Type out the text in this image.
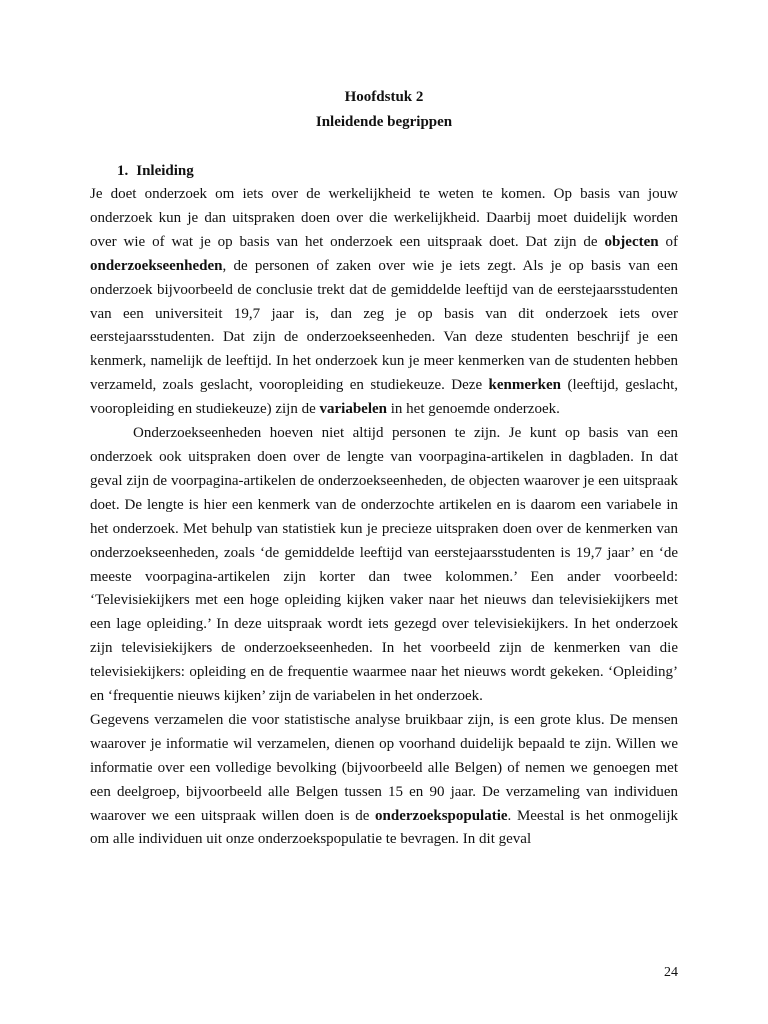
Hoofdstuk 2
Inleidende begrippen
1. Inleiding

Je doet onderzoek om iets over de werkelijkheid te weten te komen. Op basis van jouw onderzoek kun je dan uitspraken doen over die werkelijkheid. Daarbij moet duidelijk worden over wie of wat je op basis van het onderzoek een uitspraak doet. Dat zijn de objecten of onderzoekseenheden, de personen of zaken over wie je iets zegt. Als je op basis van een onderzoek bijvoorbeeld de conclusie trekt dat de gemiddelde leeftijd van de eerstejaarsstudenten van een universiteit 19,7 jaar is, dan zeg je op basis van dit onderzoek iets over eerstejaarsstudenten. Dat zijn de onderzoekseenheden. Van deze studenten beschrijf je een kenmerk, namelijk de leeftijd. In het onderzoek kun je meer kenmerken van de studenten hebben verzameld, zoals geslacht, vooropleiding en studiekeuze. Deze kenmerken (leeftijd, geslacht, vooropleiding en studiekeuze) zijn de variabelen in het genoemde onderzoek.

Onderzoekseenheden hoeven niet altijd personen te zijn. Je kunt op basis van een onderzoek ook uitspraken doen over de lengte van voorpagina-artikelen in dagbladen. In dat geval zijn de voorpagina-artikelen de onderzoekseenheden, de objecten waarover je een uitspraak doet. De lengte is hier een kenmerk van de onderzochte artikelen en is daarom een variabele in het onderzoek. Met behulp van statistiek kun je precieze uitspraken doen over de kenmerken van onderzoekseenheden, zoals ‘de gemiddelde leeftijd van eerstejaarsstudenten is 19,7 jaar’ en ‘de meeste voorpagina-artikelen zijn korter dan twee kolommen.’ Een ander voorbeeld: ‘Televisiekijkers met een hoge opleiding kijken vaker naar het nieuws dan televisiekijkers met een lage opleiding.’ In deze uitspraak wordt iets gezegd over televisiekijkers. In het onderzoek zijn televisiekijkers de onderzoekseenheden. In het voorbeeld zijn de kenmerken van die televisiekijkers: opleiding en de frequentie waarmee naar het nieuws wordt gekeken. ‘Opleiding’ en ‘frequentie nieuws kijken’ zijn de variabelen in het onderzoek.

Gegevens verzamelen die voor statistische analyse bruikbaar zijn, is een grote klus. De mensen waarover je informatie wil verzamelen, dienen op voorhand duidelijk bepaald te zijn. Willen we informatie over een volledige bevolking (bijvoorbeeld alle Belgen) of nemen we genoegen met een deelgroep, bijvoorbeeld alle Belgen tussen 15 en 90 jaar. De verzameling van individuen waarover we een uitspraak willen doen is de onderzoekspopulatie. Meestal is het onmogelijk om alle individuen uit onze onderzoekspopulatie te bevragen. In dit geval

24
